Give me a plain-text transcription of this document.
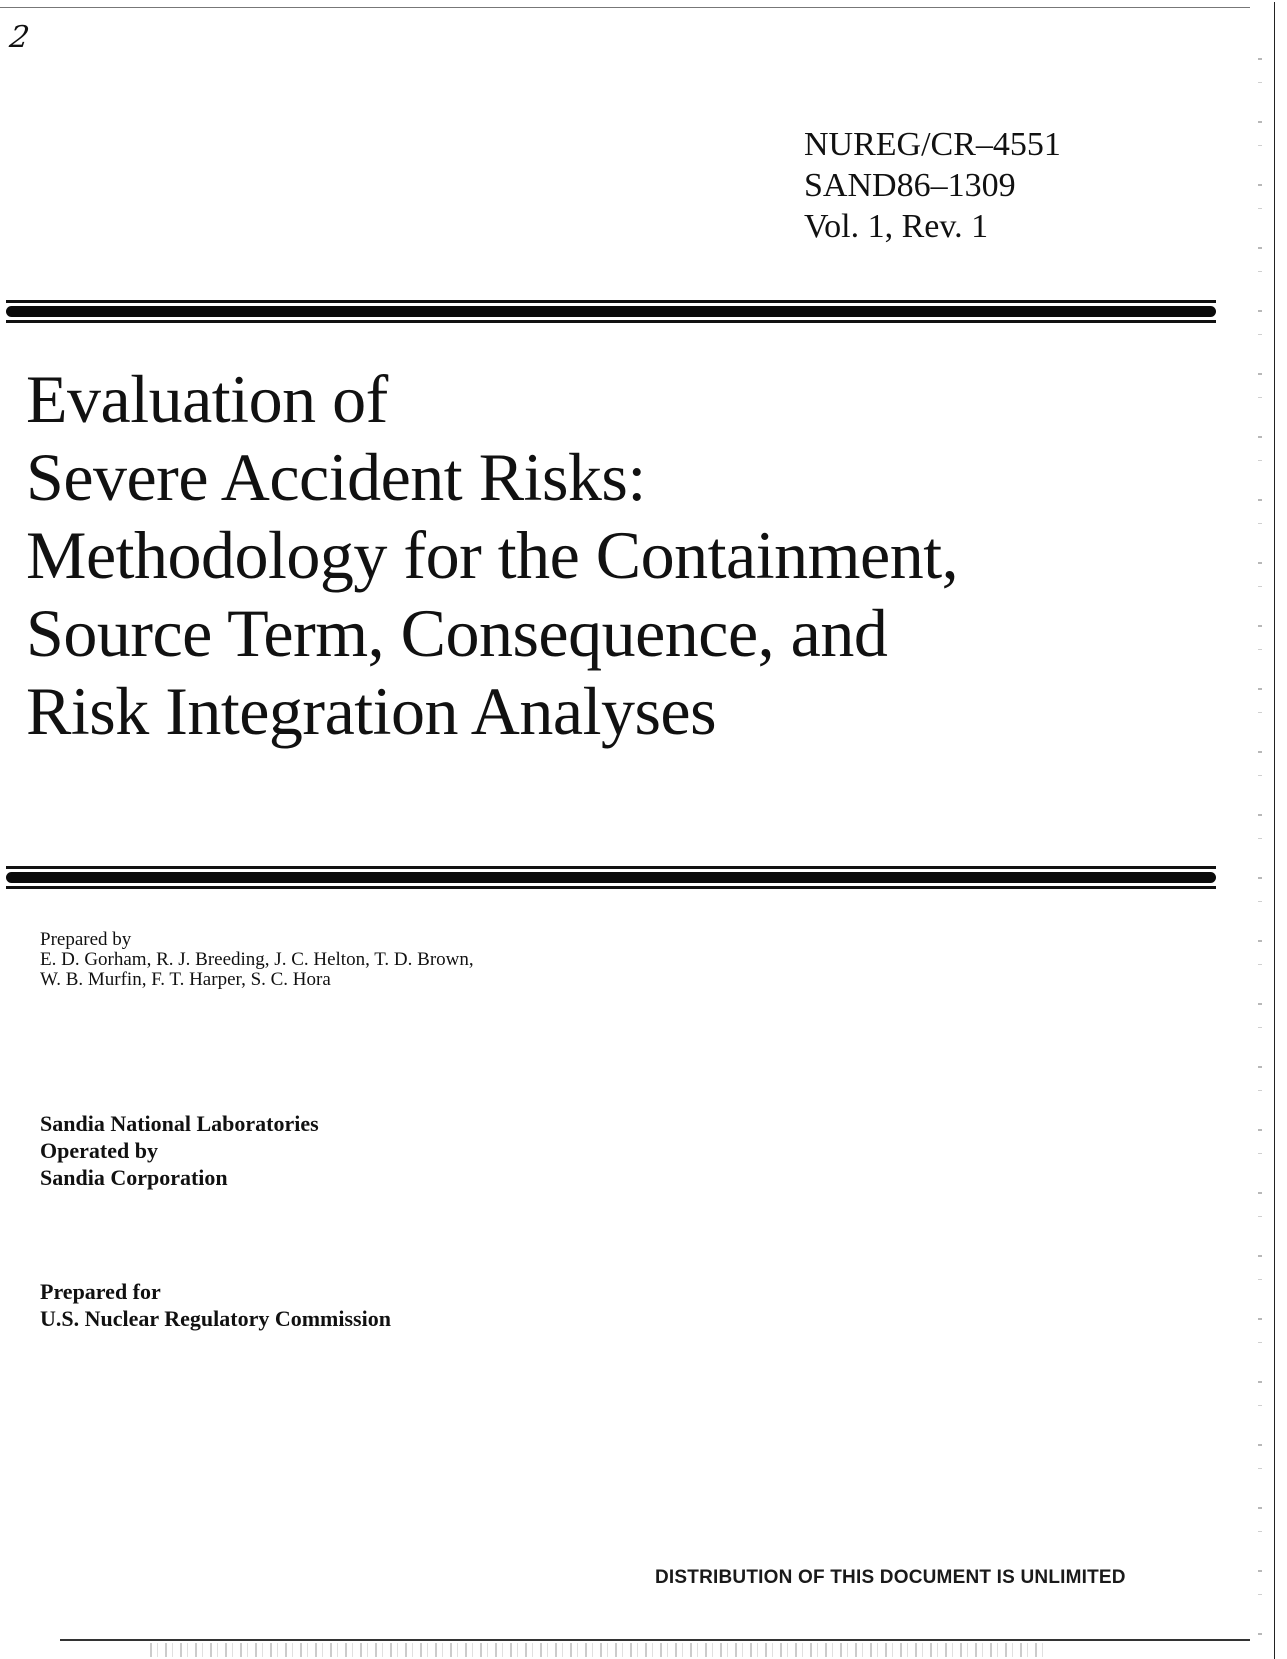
2
NUREG/CR–4551
SAND86–1309
Vol. 1, Rev. 1
Evaluation of
Severe Accident Risks:
Methodology for the Containment,
Source Term, Consequence, and
Risk Integration Analyses
Prepared by
E. D. Gorham, R. J. Breeding, J. C. Helton, T. D. Brown,
W. B. Murfin, F. T. Harper, S. C. Hora
Sandia National Laboratories
Operated by
Sandia Corporation
Prepared for
U.S. Nuclear Regulatory Commission
DISTRIBUTION OF THIS DOCUMENT IS UNLIMITED
